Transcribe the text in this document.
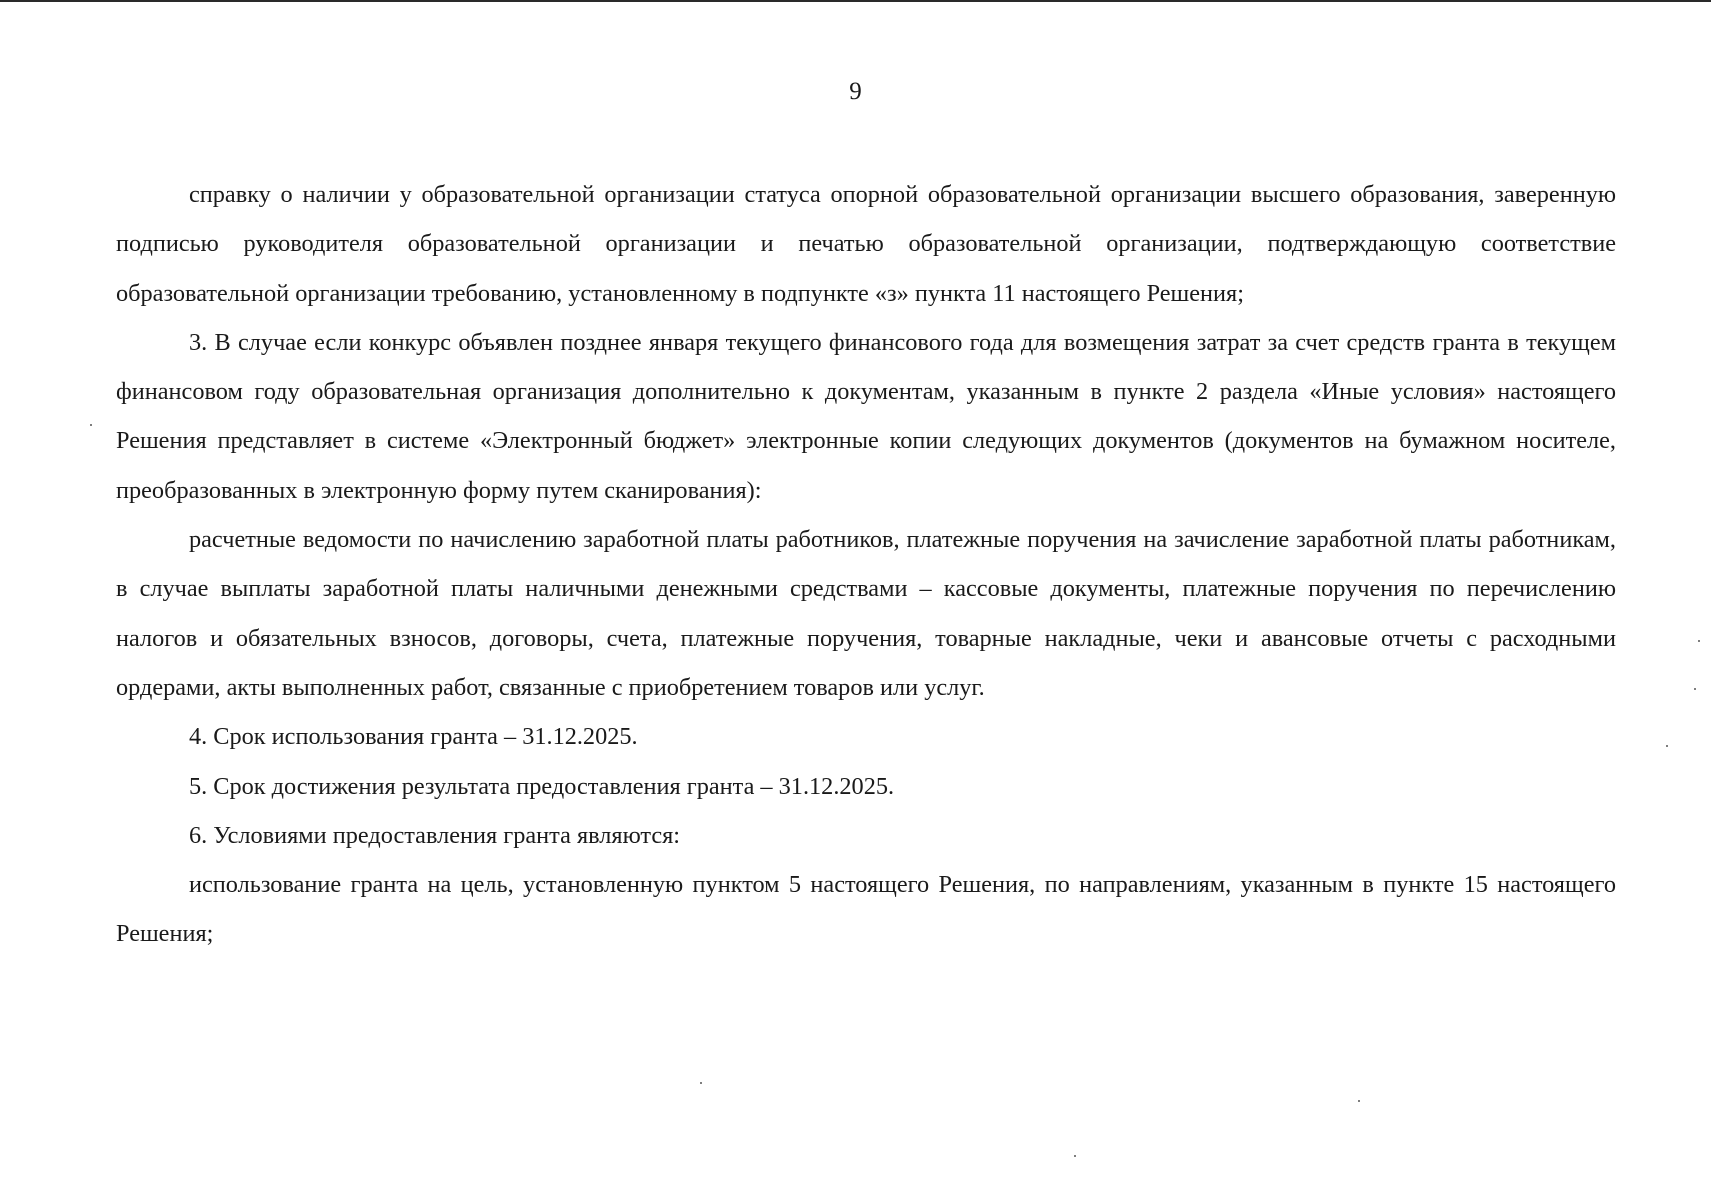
9

справку о наличии у образовательной организации статуса опорной образовательной организации высшего образования, заверенную подписью руководителя образовательной организации и печатью образовательной организации, подтверждающую соответствие образовательной организации требованию, установленному в подпункте «з» пункта 11 настоящего Решения;

3. В случае если конкурс объявлен позднее января текущего финансового года для возмещения затрат за счет средств гранта в текущем финансовом году образовательная организация дополнительно к документам, указанным в пункте 2 раздела «Иные условия» настоящего Решения представляет в системе «Электронный бюджет» электронные копии следующих документов (документов на бумажном носителе, преобразованных в электронную форму путем сканирования):

расчетные ведомости по начислению заработной платы работников, платежные поручения на зачисление заработной платы работникам, в случае выплаты заработной платы наличными денежными средствами – кассовые документы, платежные поручения по перечислению налогов и обязательных взносов, договоры, счета, платежные поручения, товарные накладные, чеки и авансовые отчеты с расходными ордерами, акты выполненных работ, связанные с приобретением товаров или услуг.

4. Срок использования гранта – 31.12.2025.

5. Срок достижения результата предоставления гранта – 31.12.2025.

6. Условиями предоставления гранта являются:

использование гранта на цель, установленную пунктом 5 настоящего Решения, по направлениям, указанным в пункте 15 настоящего Решения;
